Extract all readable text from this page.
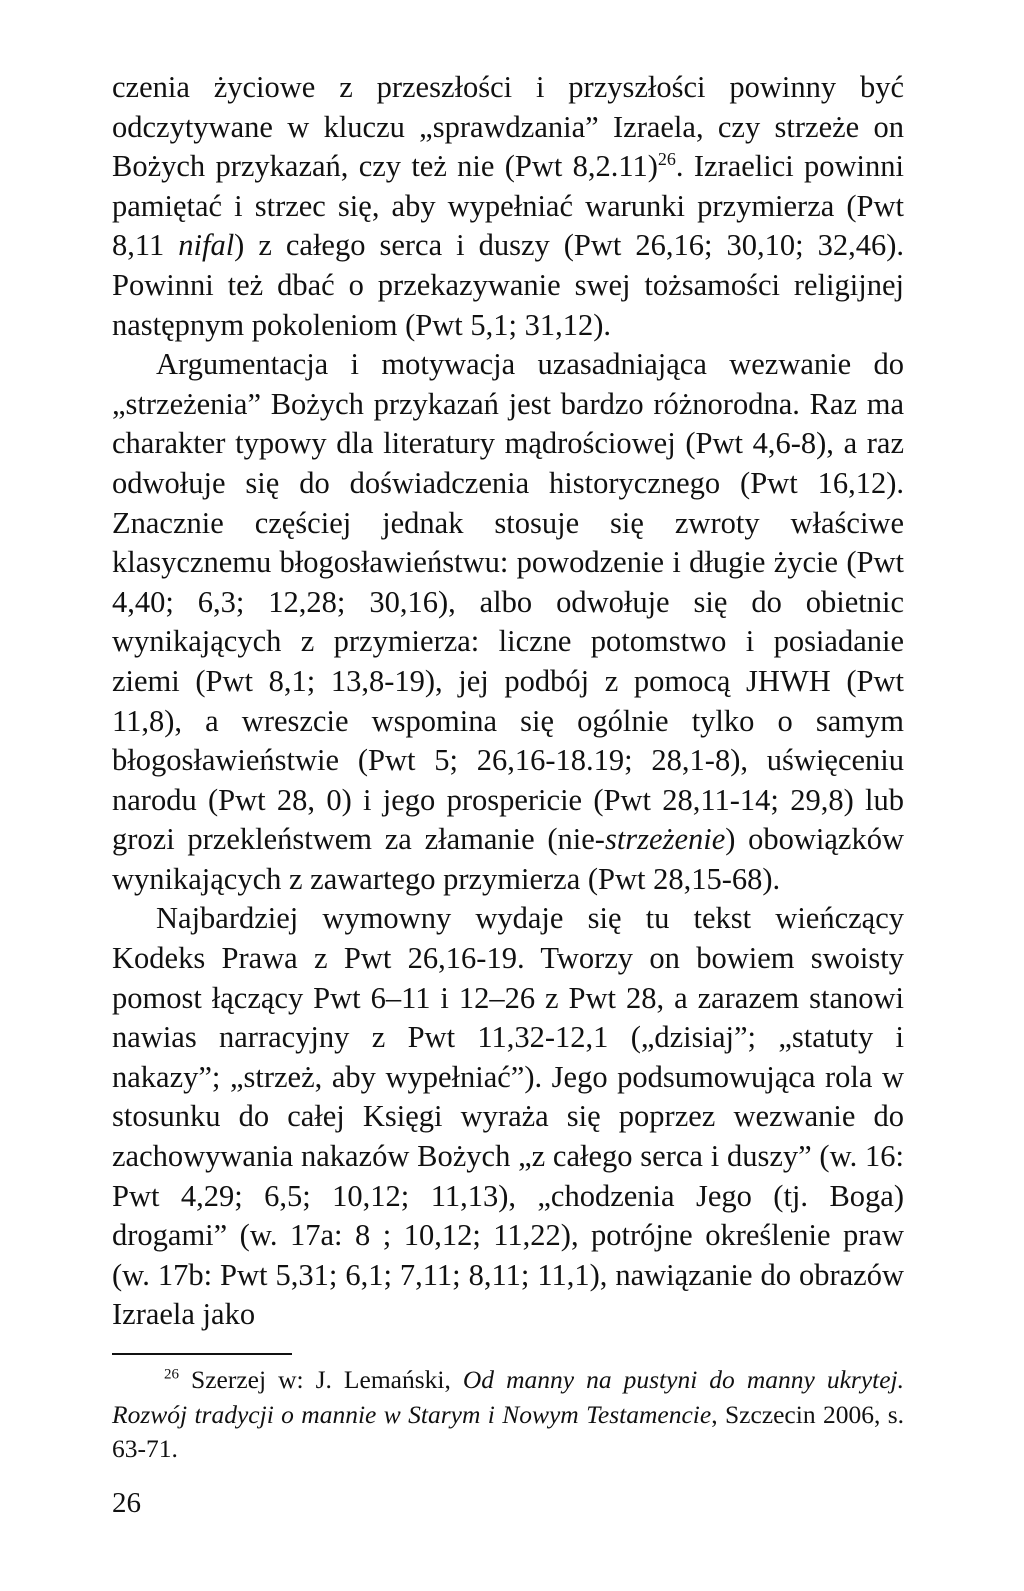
czenia życiowe z przeszłości i przyszłości powinny być odczytywane w kluczu „sprawdzania” Izraela, czy strzeże on Bożych przykazań, czy też nie (Pwt 8,2.11)$^{26}$. Izraelici powinni pamiętać i strzec się, aby wypełniać warunki przymierza (Pwt 8,11 nifal) z całego serca i duszy (Pwt 26,16; 30,10; 32,46). Powinni też dbać o przekazywanie swej tożsamości religijnej następnym pokoleniom (Pwt 5,1; 31,12).

Argumentacja i motywacja uzasadniająca wezwanie do „strzeżenia” Bożych przykazań jest bardzo różnorodna. Raz ma charakter typowy dla literatury mądrościowej (Pwt 4,6-8), a raz odwołuje się do doświadczenia historycznego (Pwt 16,12). Znacznie częściej jednak stosuje się zwroty właściwe klasycznemu błogosławieństwu: powodzenie i długie życie (Pwt 4,40; 6,3; 12,28; 30,16), albo odwołuje się do obietnic wynikających z przymierza: liczne potomstwo i posiadanie ziemi (Pwt 8,1; 13,8-19), jej podbój z pomocą JHWH (Pwt 11,8), a wreszcie wspomina się ogólnie tylko o samym błogosławieństwie (Pwt 5; 26,16-18.19; 28,1-8), uświęceniu narodu (Pwt 28, 0) i jego prospericie (Pwt 28,11-14; 29,8) lub grozi przekleństwem za złamanie (nie-strzeżenie) obowiązków wynikających z zawartego przymierza (Pwt 28,15-68).

Najbardziej wymowny wydaje się tu tekst wieńczący Kodeks Prawa z Pwt 26,16-19. Tworzy on bowiem swoisty pomost łączący Pwt 6–11 i 12–26 z Pwt 28, a zarazem stanowi nawias narracyjny z Pwt 11,32-12,1 („dzisiaj”; „statuty i nakazy”; „strzeż, aby wypełniać”). Jego podsumowująca rola w stosunku do całej Księgi wyraża się poprzez wezwanie do zachowywania nakazów Bożych „z całego serca i duszy” (w. 16: Pwt 4,29; 6,5; 10,12; 11,13), „chodzenia Jego (tj. Boga) drogami” (w. 17a: 8 ; 10,12; 11,22), potrójne określenie praw (w. 17b: Pwt 5,31; 6,1; 7,11; 8,11; 11,1), nawiązanie do obrazów Izraela jako

$^{26}$ Szerzej w: J. Lemański, Od manny na pustyni do manny ukrytej. Rozwój tradycji o mannie w Starym i Nowym Testamencie, Szczecin 2006, s. 63-71.
26
